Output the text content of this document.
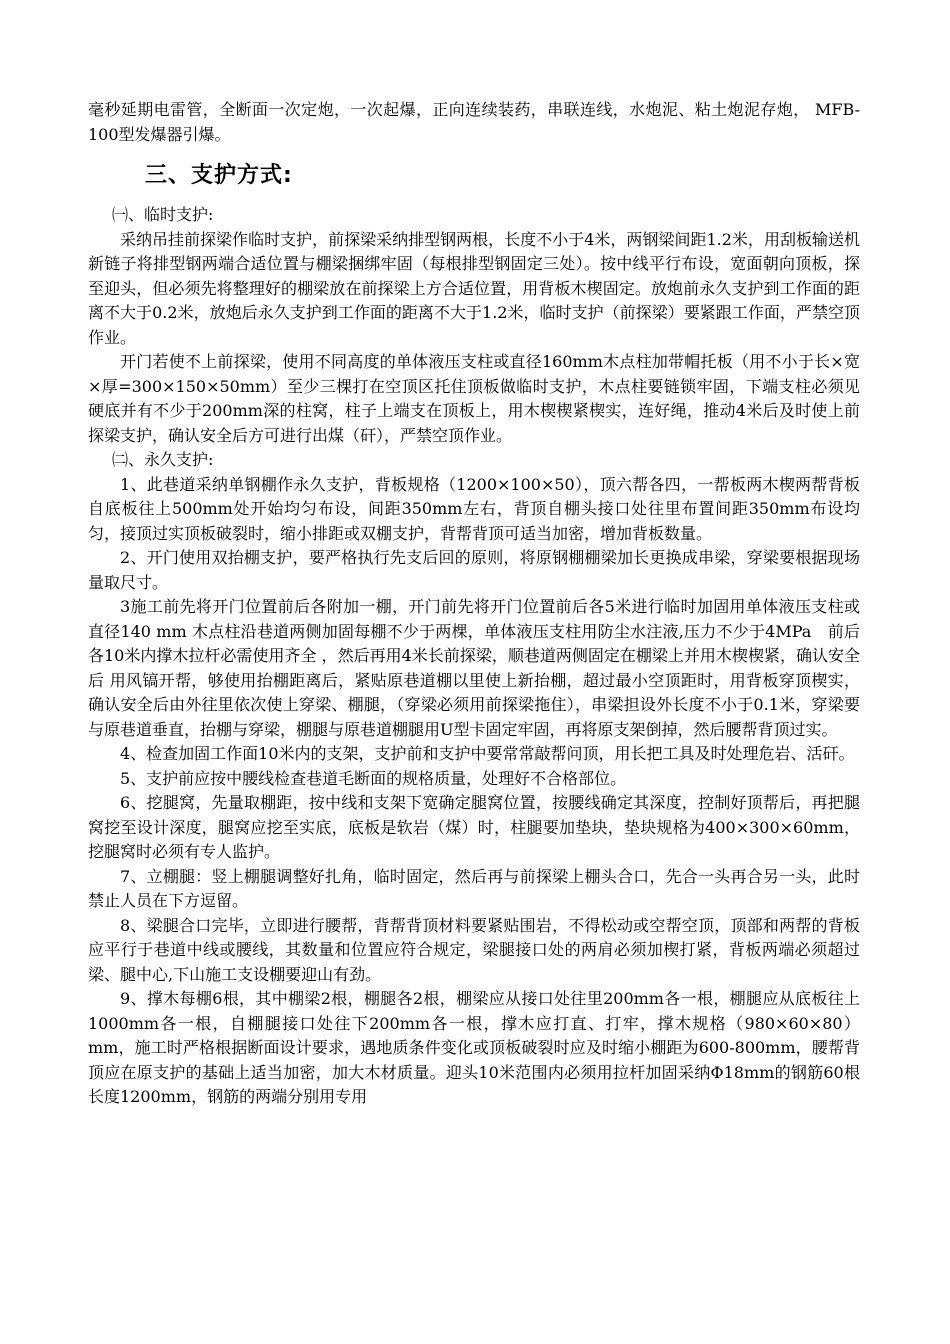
毫秒延期电雷管，全断面一次定炮，一次起爆，正向连续装药，串联连线，水炮泥、粘土炮泥存炮， MFB-100型发爆器引爆。

三、支护方式:

㈠、临时支护:

采纳吊挂前探梁作临时支护，前探梁采纳排型钢两根，长度不小于4米，两钢梁间距1.2米，用刮板输送机新链子将排型钢两端合适位置与棚梁捆绑牢固（每根排型钢固定三处）。按中线平行布设，宽面朝向顶板，探至迎头，但必须先将整理好的棚梁放在前探梁上方合适位置，用背板木楔固定。放炮前永久支护到工作面的距离不大于0.2米，放炮后永久支护到工作面的距离不大于1.2米，临时支护（前探梁）要紧跟工作面，严禁空顶作业。

开门若使不上前探梁，使用不同高度的单体液压支柱或直径160mm木点柱加带帽托板（用不小于长×宽×厚=300×150×50mm）至少三棵打在空顶区托住顶板做临时支护，木点柱要链锁牢固，下端支柱必须见硬底并有不少于200mm深的柱窝，柱子上端支在顶板上，用木楔楔紧楔实，连好绳，推动4米后及时使上前探梁支护，确认安全后方可进行出煤（矸），严禁空顶作业。

㈡、永久支护:

1、此巷道采纳单钢棚作永久支护，背板规格（1200×100×50），顶六帮各四，一帮板两木楔两帮背板自底板往上500mm处开始均匀布设，间距350mm左右，背顶自棚头接口处往里布置间距350mm布设均匀，接顶过实顶板破裂时，缩小排距或双棚支护，背帮背顶可适当加密，增加背板数量。

2、开门使用双抬棚支护，要严格执行先支后回的原则，将原钢棚棚梁加长更换成串梁，穿梁要根据现场量取尺寸。

3施工前先将开门位置前后各附加一棚，开门前先将开门位置前后各5米进行临时加固用单体液压支柱或直径140 mm 木点柱沿巷道两侧加固每棚不少于两棵，单体液压支柱用防尘水注液,压力不少于4MPa　前后各10米内撑木拉杆必需使用齐全 ，然后再用4米长前探梁，顺巷道两侧固定在棚梁上并用木楔楔紧，确认安全后 用风镐开帮，够使用抬棚距离后，紧贴原巷道棚以里使上新抬棚，超过最小空顶距时，用背板穿顶楔实，确认安全后由外往里依次使上穿梁、棚腿，（穿梁必须用前探梁拖住），串梁担设外长度不小于0.1米，穿梁要与原巷道垂直，抬棚与穿梁，棚腿与原巷道棚腿用U型卡固定牢固，再将原支架倒掉，然后腰帮背顶过实。

4、检查加固工作面10米内的支架，支护前和支护中要常常敲帮问顶，用长把工具及时处理危岩、活矸。

5、支护前应按中腰线检查巷道毛断面的规格质量，处理好不合格部位。

6、挖腿窝，先量取棚距，按中线和支架下宽确定腿窝位置，按腰线确定其深度，控制好顶帮后，再把腿窝挖至设计深度，腿窝应挖至实底，底板是软岩（煤）时，柱腿要加垫块，垫块规格为400×300×60mm，挖腿窝时必须有专人监护。

7、立棚腿：竖上棚腿调整好扎角，临时固定，然后再与前探梁上棚头合口，先合一头再合另一头，此时禁止人员在下方逗留。

8、梁腿合口完毕，立即进行腰帮，背帮背顶材料要紧贴围岩，不得松动或空帮空顶，顶部和两帮的背板应平行于巷道中线或腰线，其数量和位置应符合规定，梁腿接口处的两肩必须加楔打紧，背板两端必须超过梁、腿中心,下山施工支设棚要迎山有劲。

9、撑木每棚6根，其中棚梁2根，棚腿各2根，棚梁应从接口处往里200mm各一根，棚腿应从底板往上1000mm各一根，自棚腿接口处往下200mm各一根，撑木应打直、打牢，撑木规格（980×60×80）mm，施工时严格根据断面设计要求，遇地质条件变化或顶板破裂时应及时缩小棚距为600-800mm，腰帮背顶应在原支护的基础上适当加密，加大木材质量。迎头10米范围内必须用拉杆加固采纳Φ18mm的钢筋60根长度1200mm，钢筋的两端分别用专用
